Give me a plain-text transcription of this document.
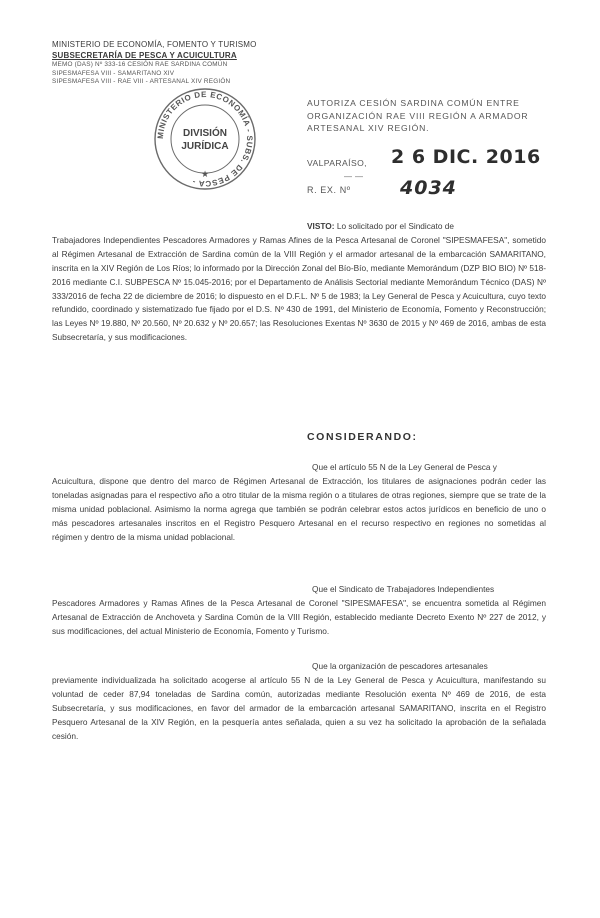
MINISTERIO DE ECONOMÍA, FOMENTO Y TURISMO
SUBSECRETARÍA DE PESCA Y ACUICULTURA
MEMO (DAS) Nº 333-16 CESIÓN RAE SARDINA COMÚN
SIPESMAFESA VIII - SAMARITANO XIV
SIPESMAFESA VIII - RAE VIII - ARTESANAL XIV REGIÓN
MINISTERIO DE ECONOMÍA - SUBS. DE PESCA -
DIVISIÓN
JURÍDICA
★
AUTORIZA CESIÓN SARDINA COMÚN ENTRE ORGANIZACIÓN RAE VIII REGIÓN A ARMADOR ARTESANAL XIV REGIÓN.
VALPARAÍSO,
— —
2 6 DIC. 2016
R. EX. Nº	4034
VISTO: Lo solicitado por el Sindicato de
Trabajadores Independientes Pescadores Armadores y Ramas Afines de la Pesca Artesanal de Coronel "SIPESMAFESA", sometido al Régimen Artesanal de Extracción de Sardina común de la VIII Región y el armador artesanal de la embarcación SAMARITANO, inscrita en la XIV Región de Los Ríos; lo informado por la Dirección Zonal del Bío-Bío, mediante Memorándum (DZP BIO BIO) Nº 518-2016 mediante C.I. SUBPESCA Nº 15.045-2016; por el Departamento de Análisis Sectorial mediante Memorándum Técnico (DAS) Nº 333/2016 de fecha 22 de diciembre de 2016; lo dispuesto en el D.F.L. Nº 5 de 1983; la Ley General de Pesca y Acuicultura, cuyo texto refundido, coordinado y sistematizado fue fijado por el D.S. Nº 430 de 1991, del Ministerio de Economía, Fomento y Reconstrucción; las Leyes Nº 19.880, Nº 20.560, Nº 20.632 y Nº 20.657; las Resoluciones Exentas Nº 3630 de 2015 y Nº 469 de 2016, ambas de esta Subsecretaría, y sus modificaciones.
CONSIDERANDO:
Que el artículo 55 N de la Ley General de Pesca y
Acuicultura, dispone que dentro del marco de Régimen Artesanal de Extracción, los titulares de asignaciones podrán ceder las toneladas asignadas para el respectivo año a otro titular de la misma región o a titulares de otras regiones, siempre que se trate de la misma unidad poblacional. Asimismo la norma agrega que también se podrán celebrar estos actos jurídicos en beneficio de uno o más pescadores artesanales inscritos en el Registro Pesquero Artesanal en el recurso respectivo en regiones no sometidas al régimen y dentro de la misma unidad poblacional.
Que el Sindicato de Trabajadores Independientes
Pescadores Armadores y Ramas Afines de la Pesca Artesanal de Coronel "SIPESMAFESA", se encuentra sometida al Régimen Artesanal de Extracción de Anchoveta y Sardina Común de la VIII Región, establecido mediante Decreto Exento Nº 227 de 2012, y sus modificaciones, del actual Ministerio de Economía, Fomento y Turismo.
Que la organización de pescadores artesanales
previamente individualizada ha solicitado acogerse al artículo 55 N de la Ley General de Pesca y Acuicultura, manifestando su voluntad de ceder 87,94 toneladas de Sardina común, autorizadas mediante Resolución exenta Nº 469 de 2016, de esta Subsecretaría, y sus modificaciones, en favor del armador de la embarcación artesanal SAMARITANO, inscrita en el Registro Pesquero Artesanal de la XIV Región, en la pesquería antes señalada, quien a su vez ha solicitado la aprobación de la señalada cesión.
